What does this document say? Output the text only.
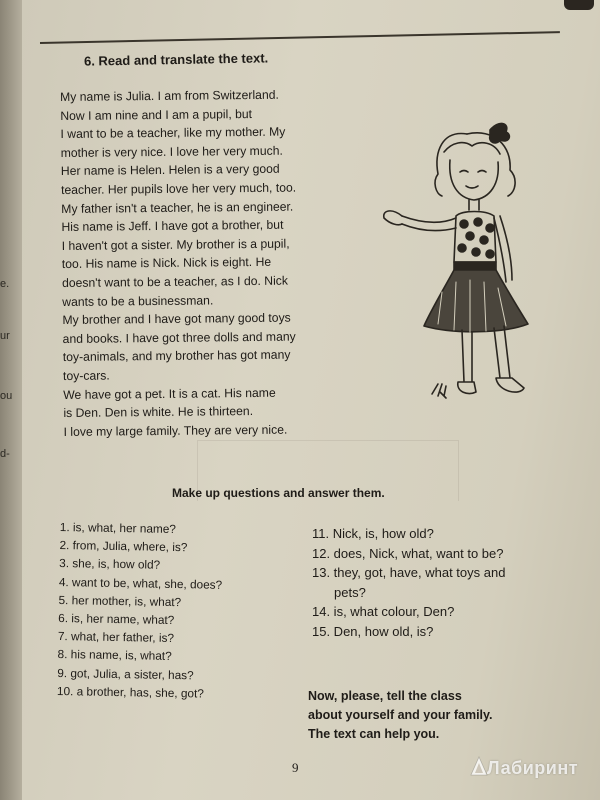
e.
ur
ou
d-
6. Read and translate the text.
My name is Julia. I am from Switzerland.
Now I am nine and I am a pupil, but
I want to be a teacher, like my mother. My
mother is very nice. I love her very much.
Her name is Helen. Helen is a very good
teacher. Her pupils love her very much, too.
My father isn't a teacher, he is an engineer.
His name is Jeff. I have got a brother, but
I haven't got a sister. My brother is a pupil,
too. His name is Nick. Nick is eight. He
doesn't want to be a teacher, as I do. Nick
wants to be a businessman.
My brother and I have got many good toys
and books. I have got three dolls and many
toy-animals, and my brother has got many
toy-cars.
We have got a pet. It is a cat. His name
is Den. Den is white. He is thirteen.
I love my large family. They are very nice.
Make up questions and answer them.
1. is, what, her name?
2. from, Julia, where, is?
3. she, is, how old?
4. want to be, what, she, does?
5. her mother, is, what?
6. is, her name, what?
7. what, her father, is?
8. his name, is, what?
9. got, Julia, a sister, has?
10. a brother, has, she, got?
11. Nick, is, how old?
12. does, Nick, what, want to be?
13. they, got, have, what toys and
pets?
14. is, what colour, Den?
15. Den, how old, is?
Now, please, tell the class
about yourself and your family.
The text can help you.
9	Лабиринт
